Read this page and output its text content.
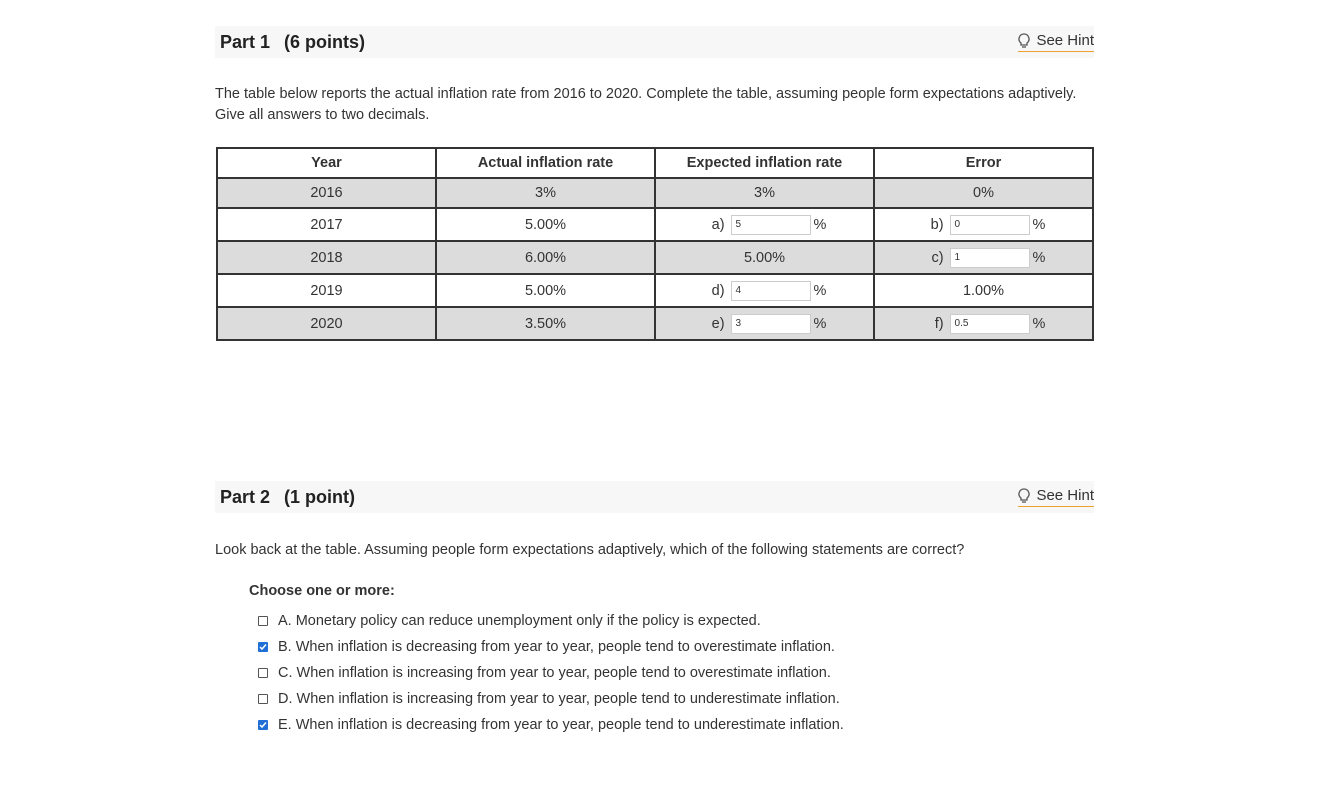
Part 1 (6 points)	See Hint
The table below reports the actual inflation rate from 2016 to 2020. Complete the table, assuming people form expectations adaptively.
Give all answers to two decimals.
Year	Actual inflation rate	Expected inflation rate	Error
2016	3%	3%	0%
2017	5.00%	a) 5 %	b) 0 %

2018	6.00%	5.00%	c) 1 %

2019	5.00%	d) 4 %	1.00%
2020	3.50%	e) 3 %	f) 0.5 %
Part 2 (1 point)	See Hint
Look back at the table. Assuming people form expectations adaptively, which of the following statements are correct?
Choose one or more:
A. Monetary policy can reduce unemployment only if the policy is expected.
B. When inflation is decreasing from year to year, people tend to overestimate inflation.
C. When inflation is increasing from year to year, people tend to overestimate inflation.
D. When inflation is increasing from year to year, people tend to underestimate inflation.
E. When inflation is decreasing from year to year, people tend to underestimate inflation.
